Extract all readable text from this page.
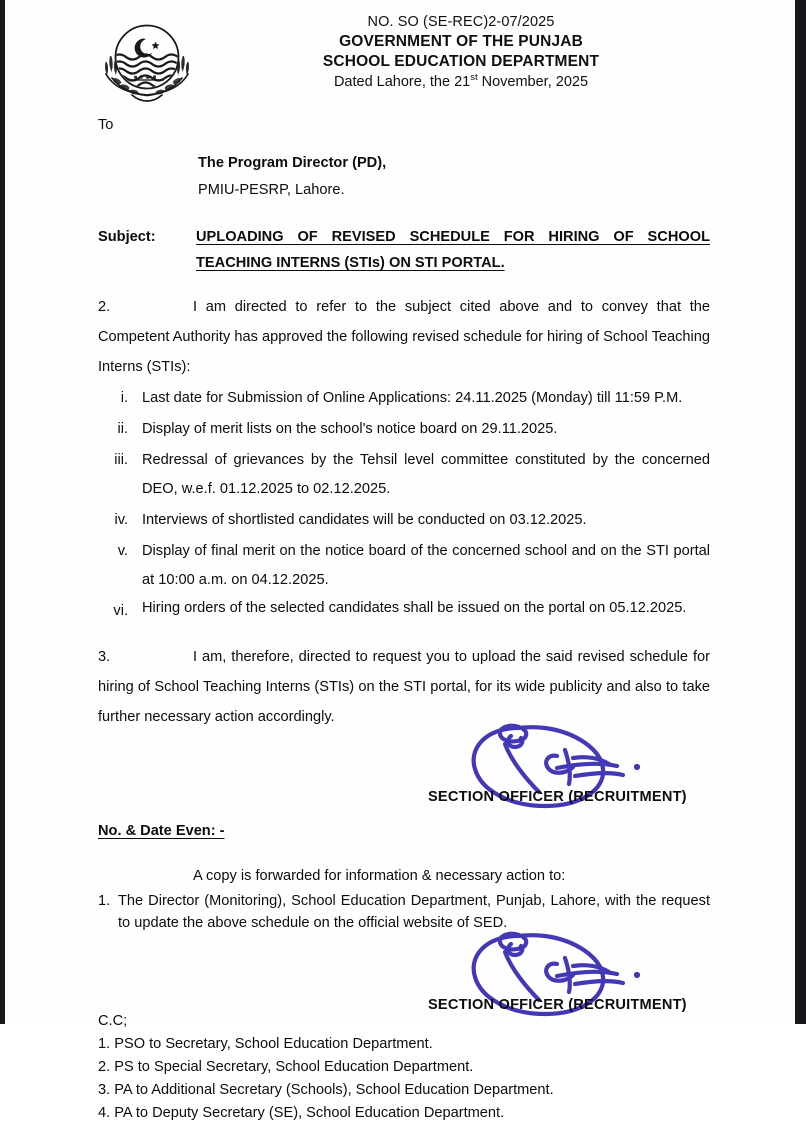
NO. SO (SE-REC)2-07/2025
GOVERNMENT OF THE PUNJAB
SCHOOL EDUCATION DEPARTMENT
Dated Lahore, the 21st November, 2025
To
The Program Director (PD),
PMIU-PESRP, Lahore.
Subject:	UPLOADING OF REVISED SCHEDULE FOR HIRING OF SCHOOL TEACHING INTERNS (STIs) ON STI PORTAL.
2.	I am directed to refer to the subject cited above and to convey that the Competent Authority has approved the following revised schedule for hiring of School Teaching Interns (STIs):
i. Last date for Submission of Online Applications: 24.11.2025 (Monday) till 11:59 P.M.
ii. Display of merit lists on the school's notice board on 29.11.2025.
iii. Redressal of grievances by the Tehsil level committee constituted by the concerned DEO, w.e.f. 01.12.2025 to 02.12.2025.
iv. Interviews of shortlisted candidates will be conducted on 03.12.2025.
v. Display of final merit on the notice board of the concerned school and on the STI portal at 10:00 a.m. on 04.12.2025.
vi. Hiring orders of the selected candidates shall be issued on the portal on 05.12.2025.
3.	I am, therefore, directed to request you to upload the said revised schedule for hiring of School Teaching Interns (STIs) on the STI portal, for its wide publicity and also to take further necessary action accordingly.
SECTION OFFICER (RECRUITMENT)
No. & Date Even: -
A copy is forwarded for information & necessary action to:
1. The Director (Monitoring), School Education Department, Punjab, Lahore, with the request to update the above schedule on the official website of SED.
SECTION OFFICER (RECRUITMENT)
C.C;
1. PSO to Secretary, School Education Department.
2. PS to Special Secretary, School Education Department.
3. PA to Additional Secretary (Schools), School Education Department.
4. PA to Deputy Secretary (SE), School Education Department.
